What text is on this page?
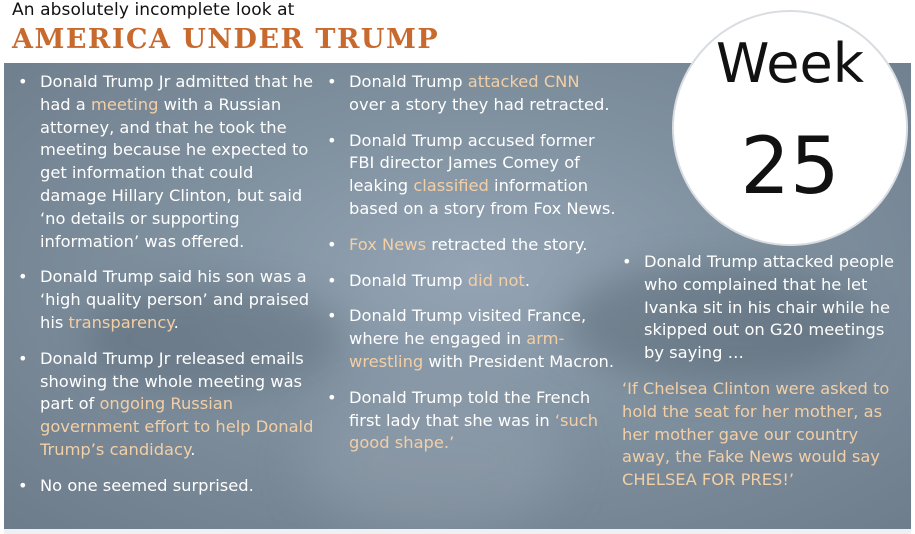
An absolutely incomplete look at
AMERICA UNDER TRUMP
• Donald Trump Jr admitted that he had a meeting with a Russian attorney, and that he took the meeting because he expected to get information that could damage Hillary Clinton, but said ‘no details or supporting information’ was offered.
• Donald Trump said his son was a ‘high quality person’ and praised his transparency.
• Donald Trump Jr released emails showing the whole meeting was part of ongoing Russian government effort to help Donald Trump’s candidacy.
• No one seemed surprised.
• Donald Trump attacked CNN over a story they had retracted.
• Donald Trump accused former FBI director James Comey of leaking classified information based on a story from Fox News.
• Fox News retracted the story.
• Donald Trump did not.
• Donald Trump visited France, where he engaged in arm-wrestling with President Macron.
• Donald Trump told the French first lady that she was in ‘such good shape.’
• Donald Trump attacked people who complained that he let Ivanka sit in his chair while he skipped out on G20 meetings by saying …
‘If Chelsea Clinton were asked to hold the seat for her mother, as her mother gave our country away, the Fake News would say CHELSEA FOR PRES!’
Week
25
